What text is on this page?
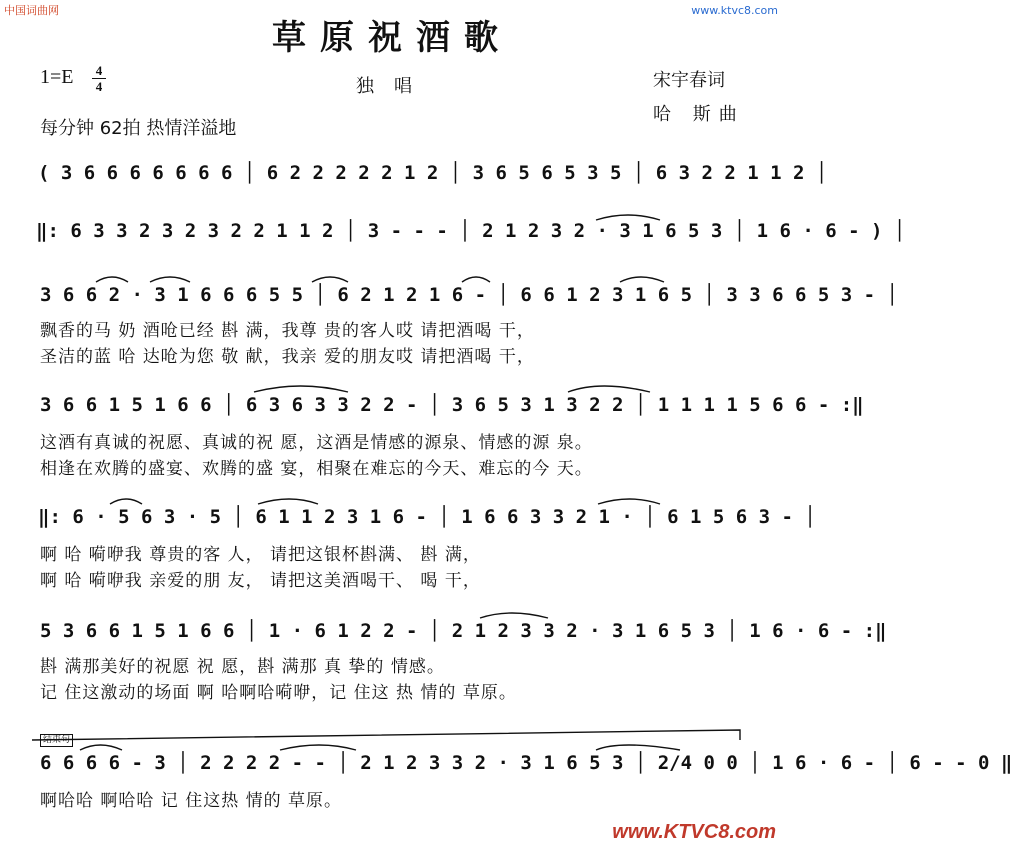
中国词曲网	www.ktvc8.com
草原祝酒歌
1=E 4
4	独唱	宋宇春词
哈 斯曲
每分钟 62拍 热情洋溢地
( 3 6 6 6 6 6 6 6 │ 6 2 2 2 2 2 1 2 │ 3 6 5 6 5 3 5 │ 6 3 2 2 1 1 2 │
‖: 6 3 3 2 3 2 3 2 2 1 1 2 │ 3 - - - │ 2 1 2 3 2 · 3 1 6 5 3 │ 1 6 · 6 - ) │
3 6 6 2 · 3 1 6 6 6 5 5 │ 6 2 1 2 1 6 - │ 6 6 1 2 3 1 6 5 │ 3 3 6 6 5 3 - │
飘香的马 奶 酒呛已经 斟 满，我尊 贵的客人哎 请把酒喝 干，
圣洁的蓝 哈 达呛为您 敬 献，我亲 爱的朋友哎 请把酒喝 干，
3 6 6 1 5 1 6 6 │ 6 3 6 3 3 2 2 - │ 3 6 5 3 1 3 2 2 │ 1 1 1 1 5 6 6 - :‖
这酒有真诚的祝愿、真诚的祝 愿，这酒是情感的源泉、情感的源 泉。
相逢在欢腾的盛宴、欢腾的盛 宴，相聚在难忘的今天、难忘的今 天。
‖: 6 · 5 6 3 · 5 │ 6 1 1 2 3 1 6 - │ 1 6 6 3 3 2 1 · │ 6 1 5 6 3 - │
啊 哈 嗬咿我 尊贵的客 人， 请把这银杯斟满、 斟 满，
啊 哈 嗬咿我 亲爱的朋 友， 请把这美酒喝干、 喝 干，
5 3 6 6 1 5 1 6 6 │ 1 · 6 1 2 2 - │ 2 1 2 3 3 2 · 3 1 6 5 3 │ 1 6 · 6 - :‖
斟 满那美好的祝愿 祝 愿，斟 满那 真 挚的 情感。
记 住这激动的场面 啊 哈啊哈嗬咿，记 住这 热 情的 草原。
结束句
6 6 6 6 - 3 │ 2 2 2 2 - - │ 2 1 2 3 3 2 · 3 1 6 5 3 │ 2/4 0 0 │ 1 6 · 6 - │ 6 - - 0 ‖
啊哈哈 啊哈哈 记 住这热 情的 草原。
www.KTVC8.com
